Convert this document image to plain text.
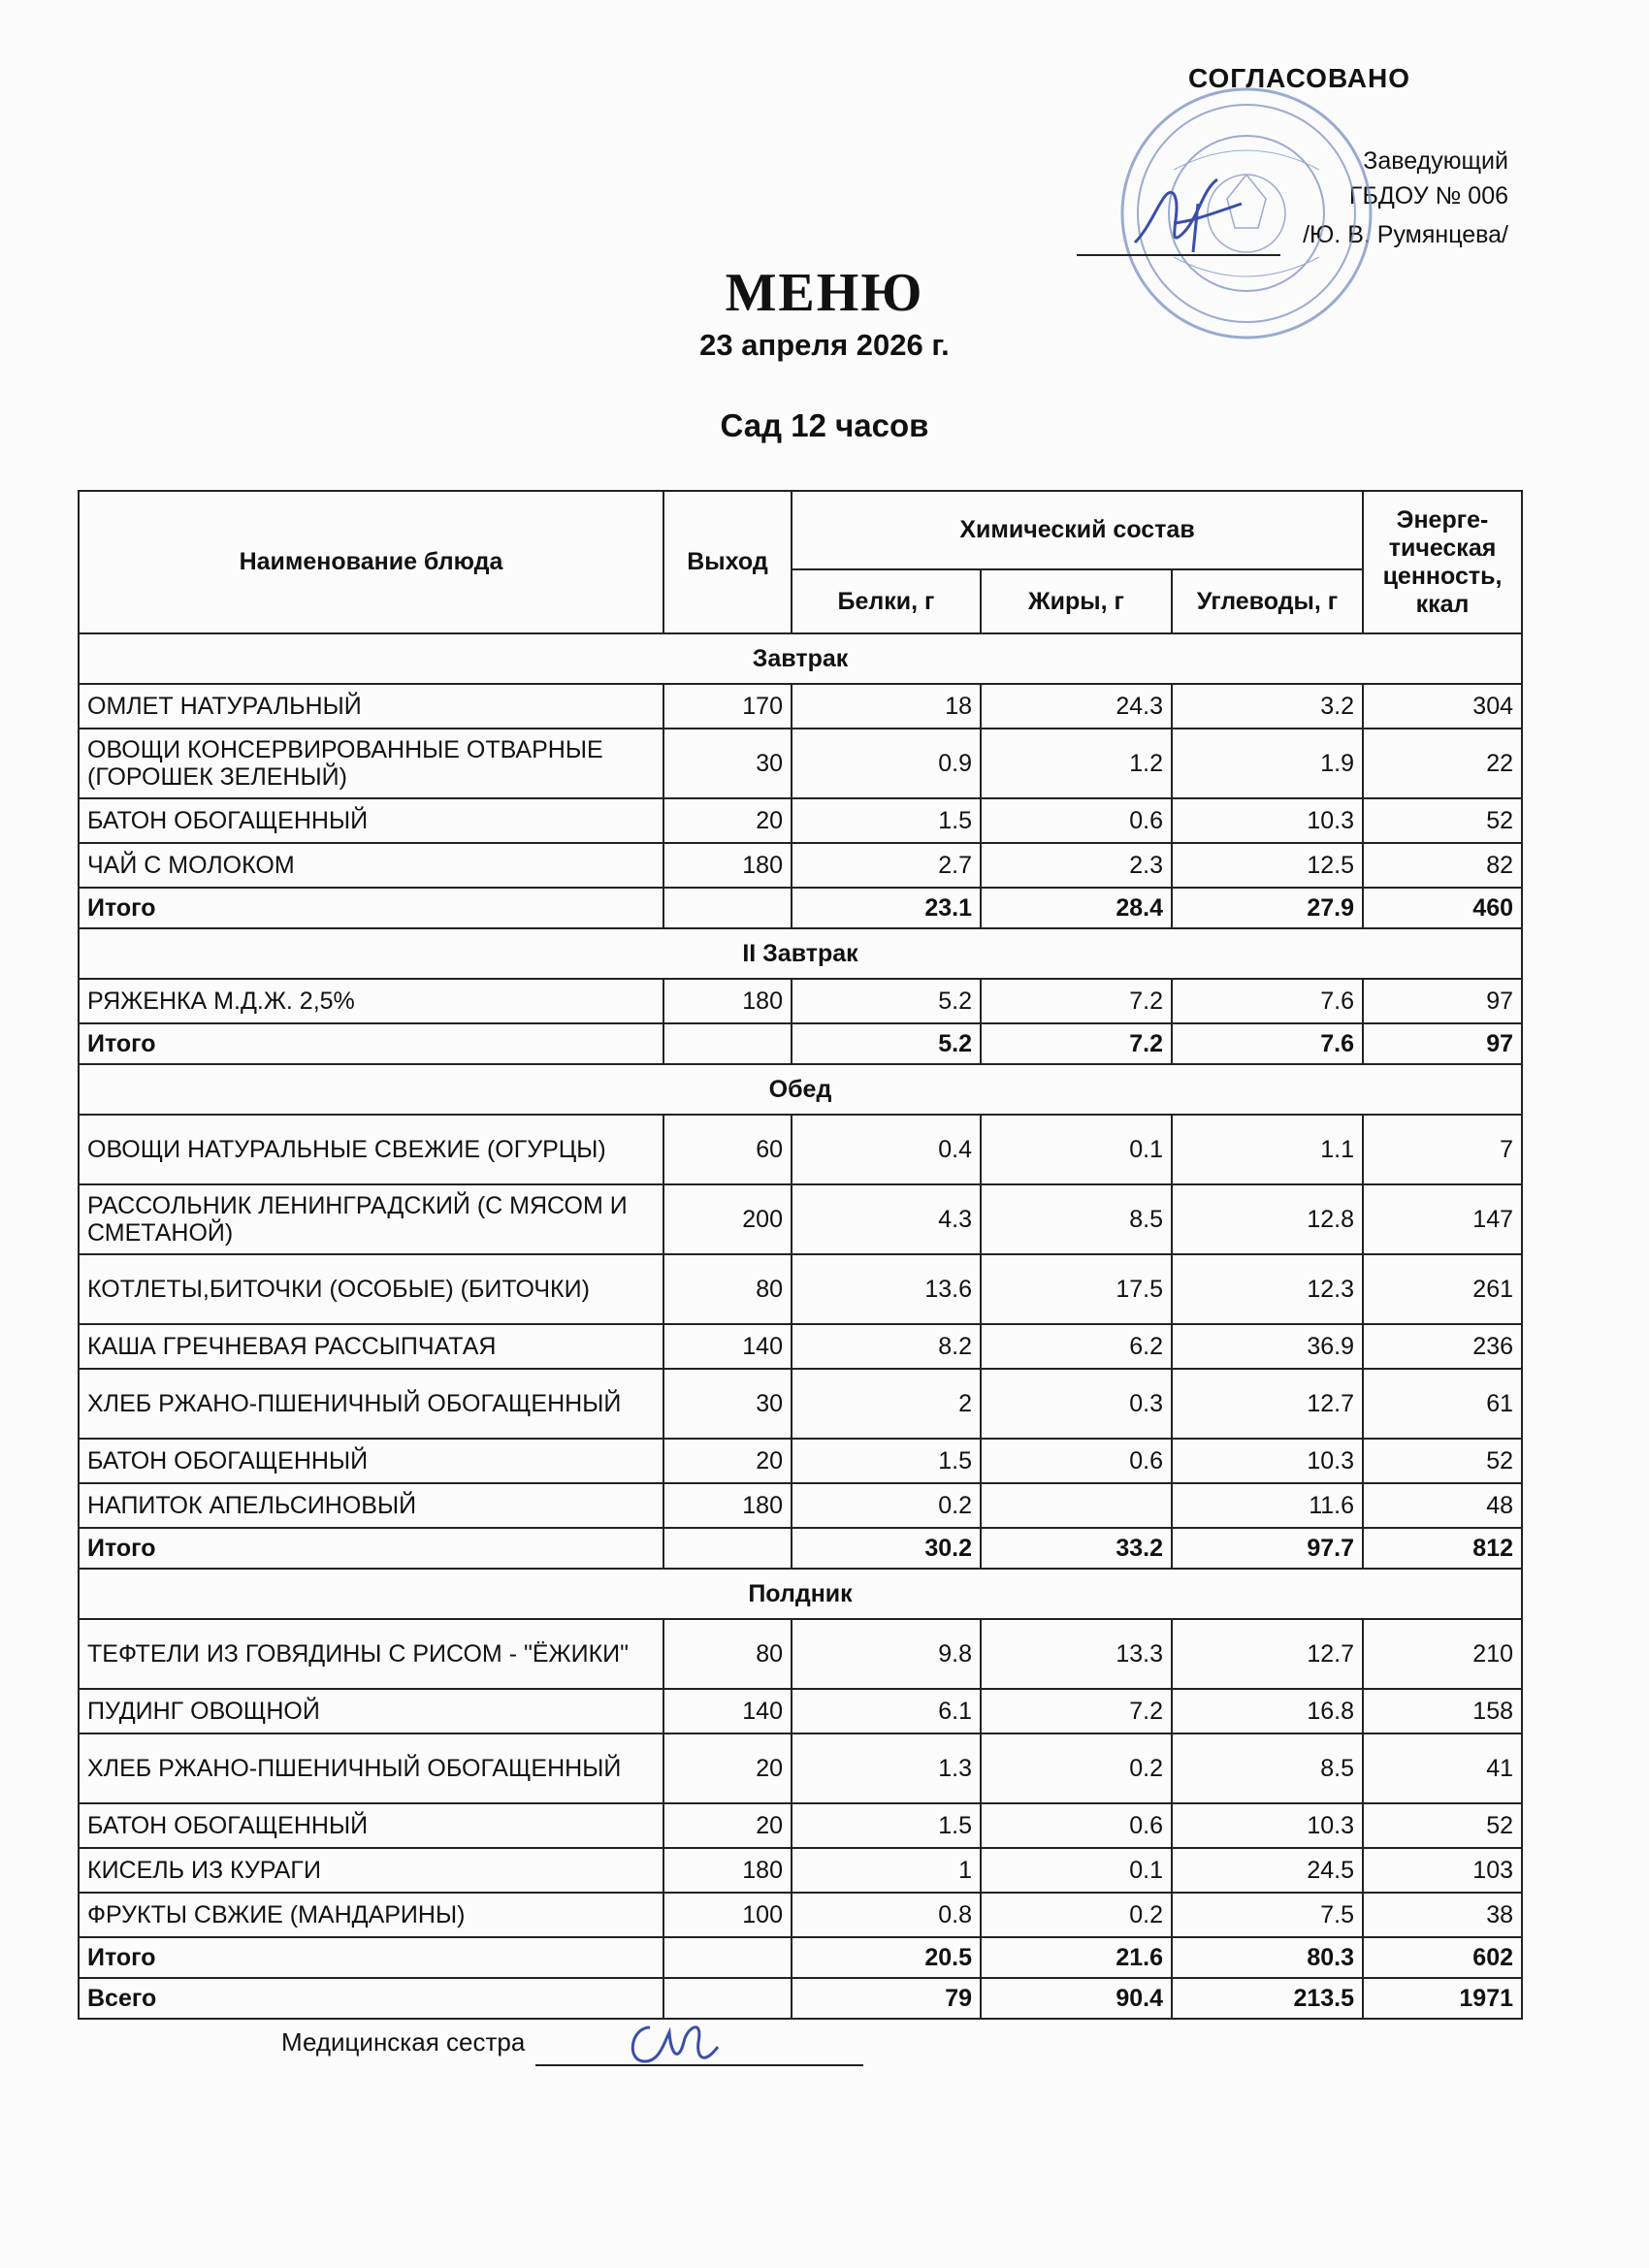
СОГЛАСОВАНО
Заведующий
ГБДОУ № 006
/Ю. В. Румянцева/
МЕНЮ
23 апреля 2026 г.
Сад 12 часов
Наименование блюда	Выход	Химический состав			Энерге-тическая ценность, ккал
		Белки, г	Жиры, г	Углеводы, г	
Завтрак					
ОМЛЕТ НАТУРАЛЬНЫЙ	170	18	24.3	3.2	304
ОВОЩИ КОНСЕРВИРОВАННЫЕ ОТВАРНЫЕ (ГОРОШЕК ЗЕЛЕНЫЙ)	30	0.9	1.2	1.9	22
БАТОН ОБОГАЩЕННЫЙ	20	1.5	0.6	10.3	52
ЧАЙ С МОЛОКОМ	180	2.7	2.3	12.5	82
Итого		23.1	28.4	27.9	460
II Завтрак					
РЯЖЕНКА М.Д.Ж. 2,5%	180	5.2	7.2	7.6	97
Итого		5.2	7.2	7.6	97
Обед					
ОВОЩИ НАТУРАЛЬНЫЕ СВЕЖИЕ (ОГУРЦЫ)	60	0.4	0.1	1.1	7
РАССОЛЬНИК ЛЕНИНГРАДСКИЙ (С МЯСОМ И СМЕТАНОЙ)	200	4.3	8.5	12.8	147
КОТЛЕТЫ,БИТОЧКИ (ОСОБЫЕ) (БИТОЧКИ)	80	13.6	17.5	12.3	261
КАША ГРЕЧНЕВАЯ РАССЫПЧАТАЯ	140	8.2	6.2	36.9	236
ХЛЕБ РЖАНО-ПШЕНИЧНЫЙ ОБОГАЩЕННЫЙ	30	2	0.3	12.7	61
БАТОН ОБОГАЩЕННЫЙ	20	1.5	0.6	10.3	52
НАПИТОК АПЕЛЬСИНОВЫЙ	180	0.2		11.6	48
Итого		30.2	33.2	97.7	812
Полдник					
ТЕФТЕЛИ ИЗ ГОВЯДИНЫ С РИСОМ - "ЁЖИКИ"	80	9.8	13.3	12.7	210
ПУДИНГ ОВОЩНОЙ	140	6.1	7.2	16.8	158
ХЛЕБ РЖАНО-ПШЕНИЧНЫЙ ОБОГАЩЕННЫЙ	20	1.3	0.2	8.5	41
БАТОН ОБОГАЩЕННЫЙ	20	1.5	0.6	10.3	52
КИСЕЛЬ ИЗ КУРАГИ	180	1	0.1	24.5	103
ФРУКТЫ СВЖИЕ (МАНДАРИНЫ)	100	0.8	0.2	7.5	38
Итого		20.5	21.6	80.3	602
Всего		79	90.4	213.5	1971
Медицинская сестра
